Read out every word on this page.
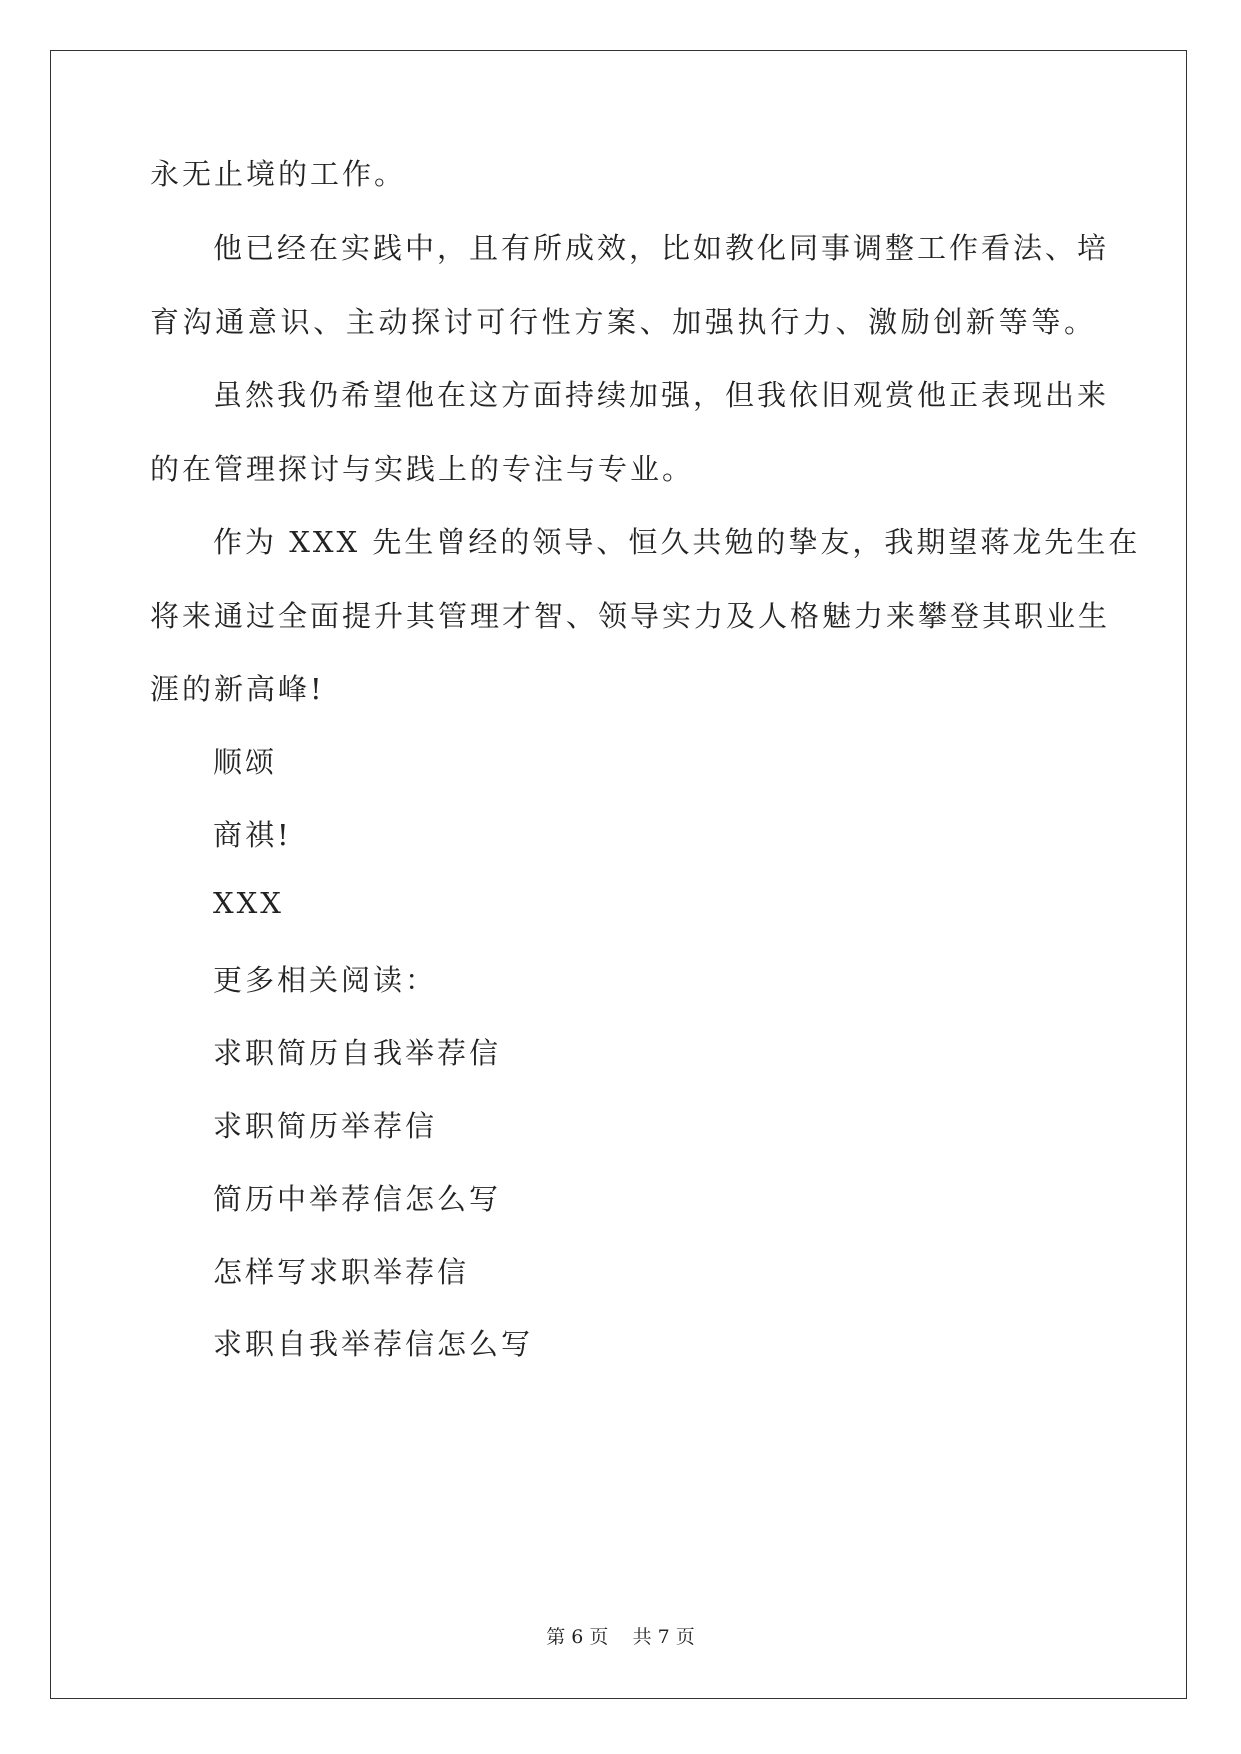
永无止境的工作。
他已经在实践中，且有所成效，比如教化同事调整工作看法、培
育沟通意识、主动探讨可行性方案、加强执行力、激励创新等等。
虽然我仍希望他在这方面持续加强，但我依旧观赏他正表现出来
的在管理探讨与实践上的专注与专业。
作为 XXX 先生曾经的领导、恒久共勉的挚友，我期望蒋龙先生在
将来通过全面提升其管理才智、领导实力及人格魅力来攀登其职业生
涯的新高峰!
顺颂
商祺!
XXX
更多相关阅读：
求职简历自我举荐信
求职简历举荐信
简历中举荐信怎么写
怎样写求职举荐信
求职自我举荐信怎么写
第 6 页    共 7 页
